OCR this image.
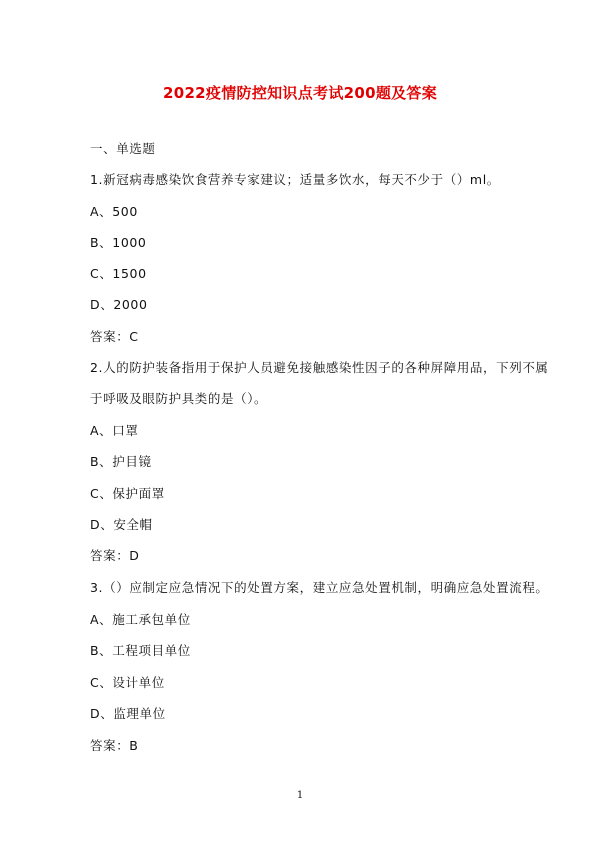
2022疫情防控知识点考试200题及答案
一、单选题
1.新冠病毒感染饮食营养专家建议；适量多饮水，每天不少于（）ml。
A、500
B、1000
C、1500
D、2000
答案：C
2.人的防护装备指用于保护人员避免接触感染性因子的各种屏障用品，下列不属
于呼吸及眼防护具类的是（）。
A、口罩
B、护目镜
C、保护面罩
D、安全帽
答案：D
3.（）应制定应急情况下的处置方案，建立应急处置机制，明确应急处置流程。
A、施工承包单位
B、工程项目单位
C、设计单位
D、监理单位
答案：B
1
